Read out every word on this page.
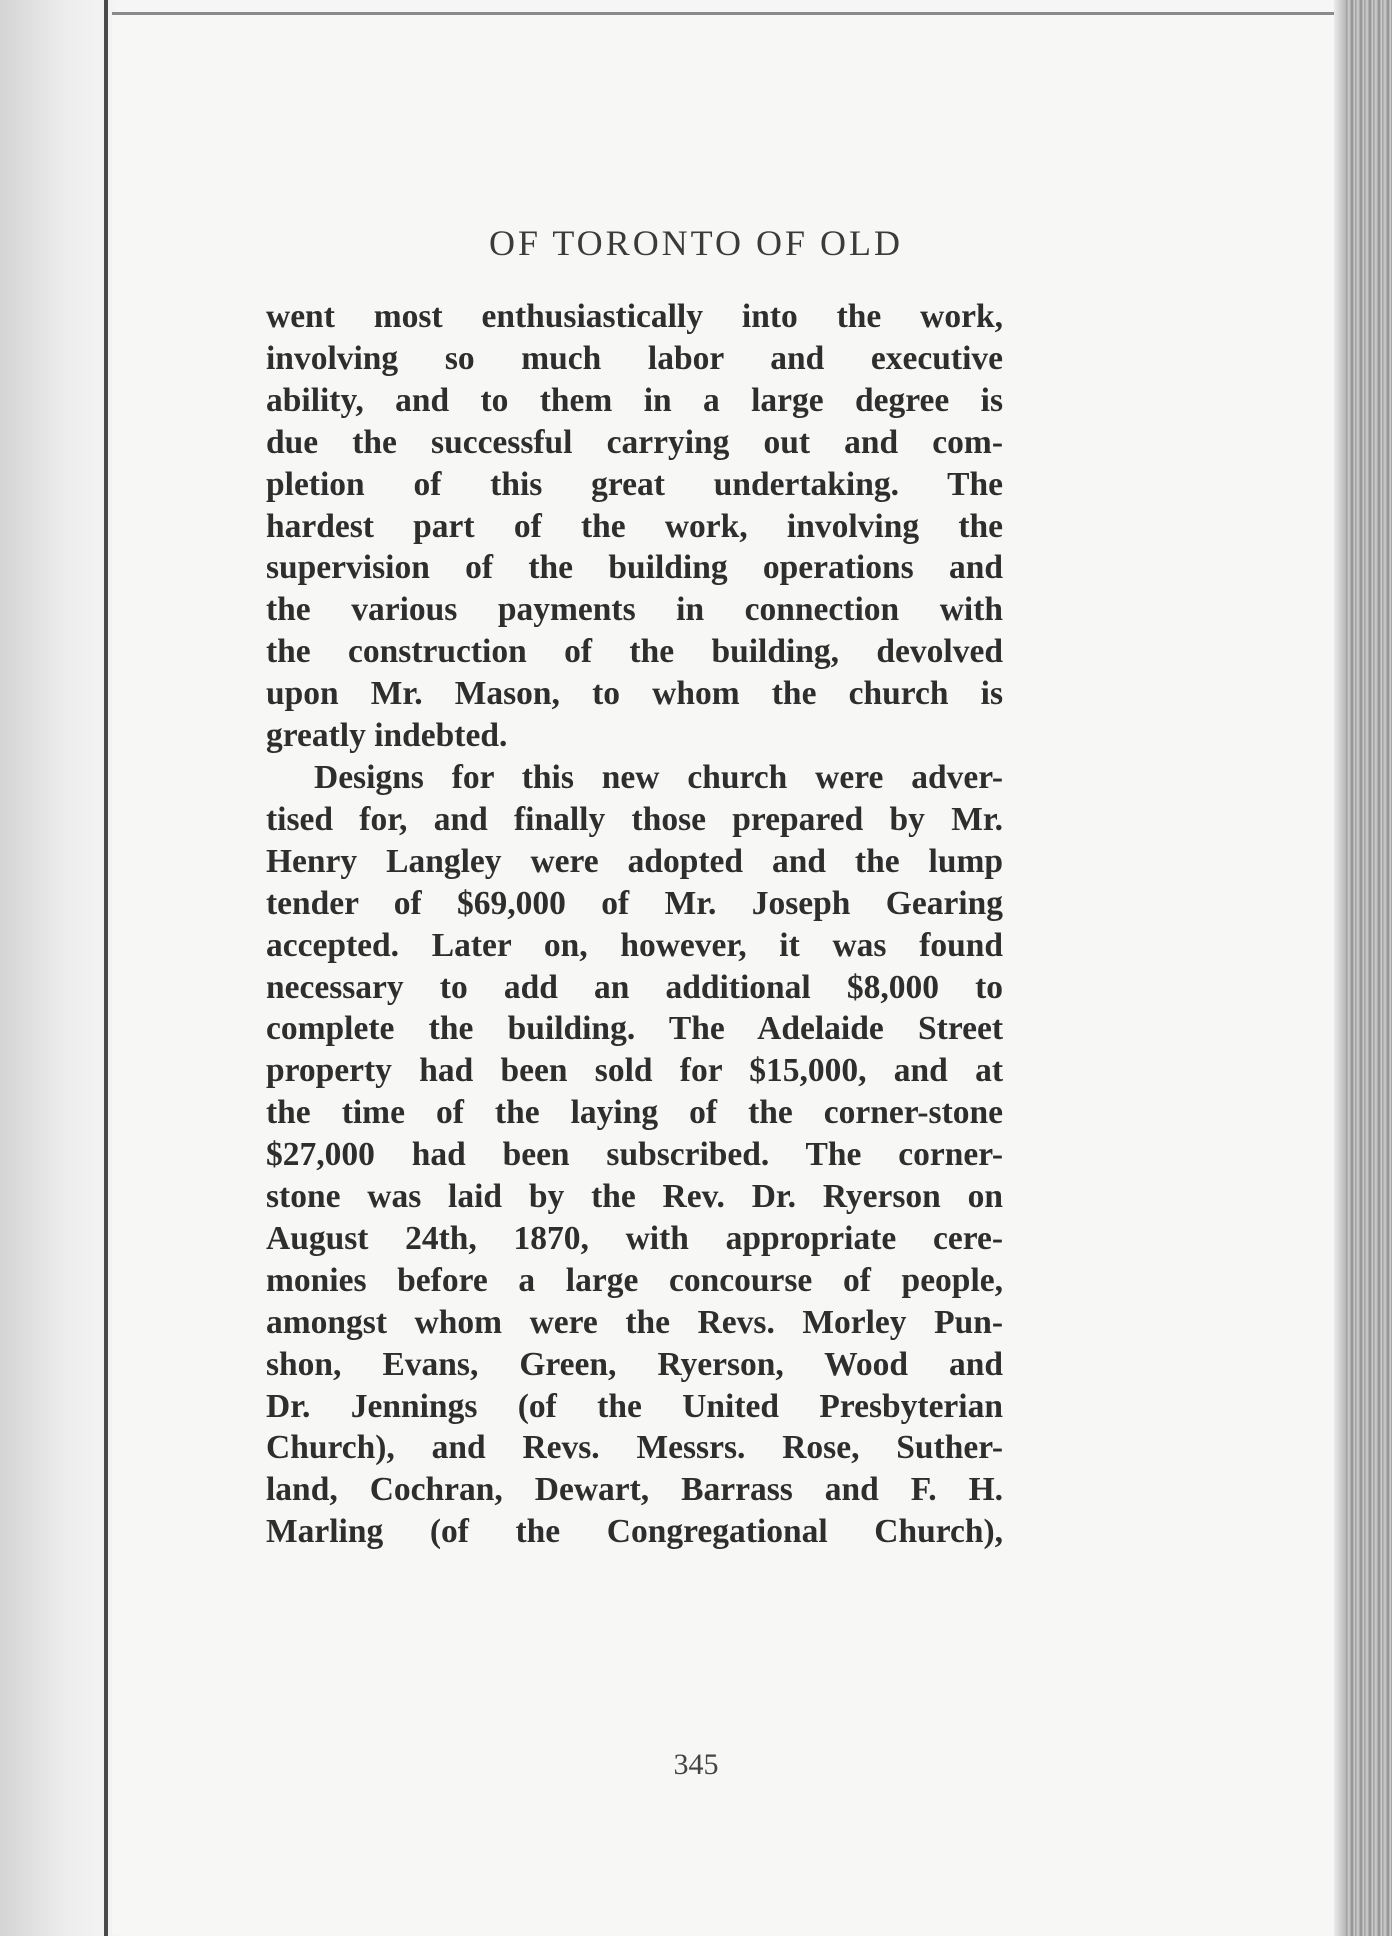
OF TORONTO OF OLD
went most enthusiastically into the work,
involving so much labor and executive
ability, and to them in a large degree is
due the successful carrying out and com-
pletion of this great undertaking. The
hardest part of the work, involving the
supervision of the building operations and
the various payments in connection with
the construction of the building, devolved
upon Mr. Mason, to whom the church is
greatly indebted.
Designs for this new church were adver-
tised for, and finally those prepared by Mr.
Henry Langley were adopted and the lump
tender of $69,000 of Mr. Joseph Gearing
accepted. Later on, however, it was found
necessary to add an additional $8,000 to
complete the building. The Adelaide Street
property had been sold for $15,000, and at
the time of the laying of the corner-stone
$27,000 had been subscribed. The corner-
stone was laid by the Rev. Dr. Ryerson on
August 24th, 1870, with appropriate cere-
monies before a large concourse of people,
amongst whom were the Revs. Morley Pun-
shon, Evans, Green, Ryerson, Wood and
Dr. Jennings (of the United Presbyterian
Church), and Revs. Messrs. Rose, Suther-
land, Cochran, Dewart, Barrass and F. H.
Marling (of the Congregational Church),
345
